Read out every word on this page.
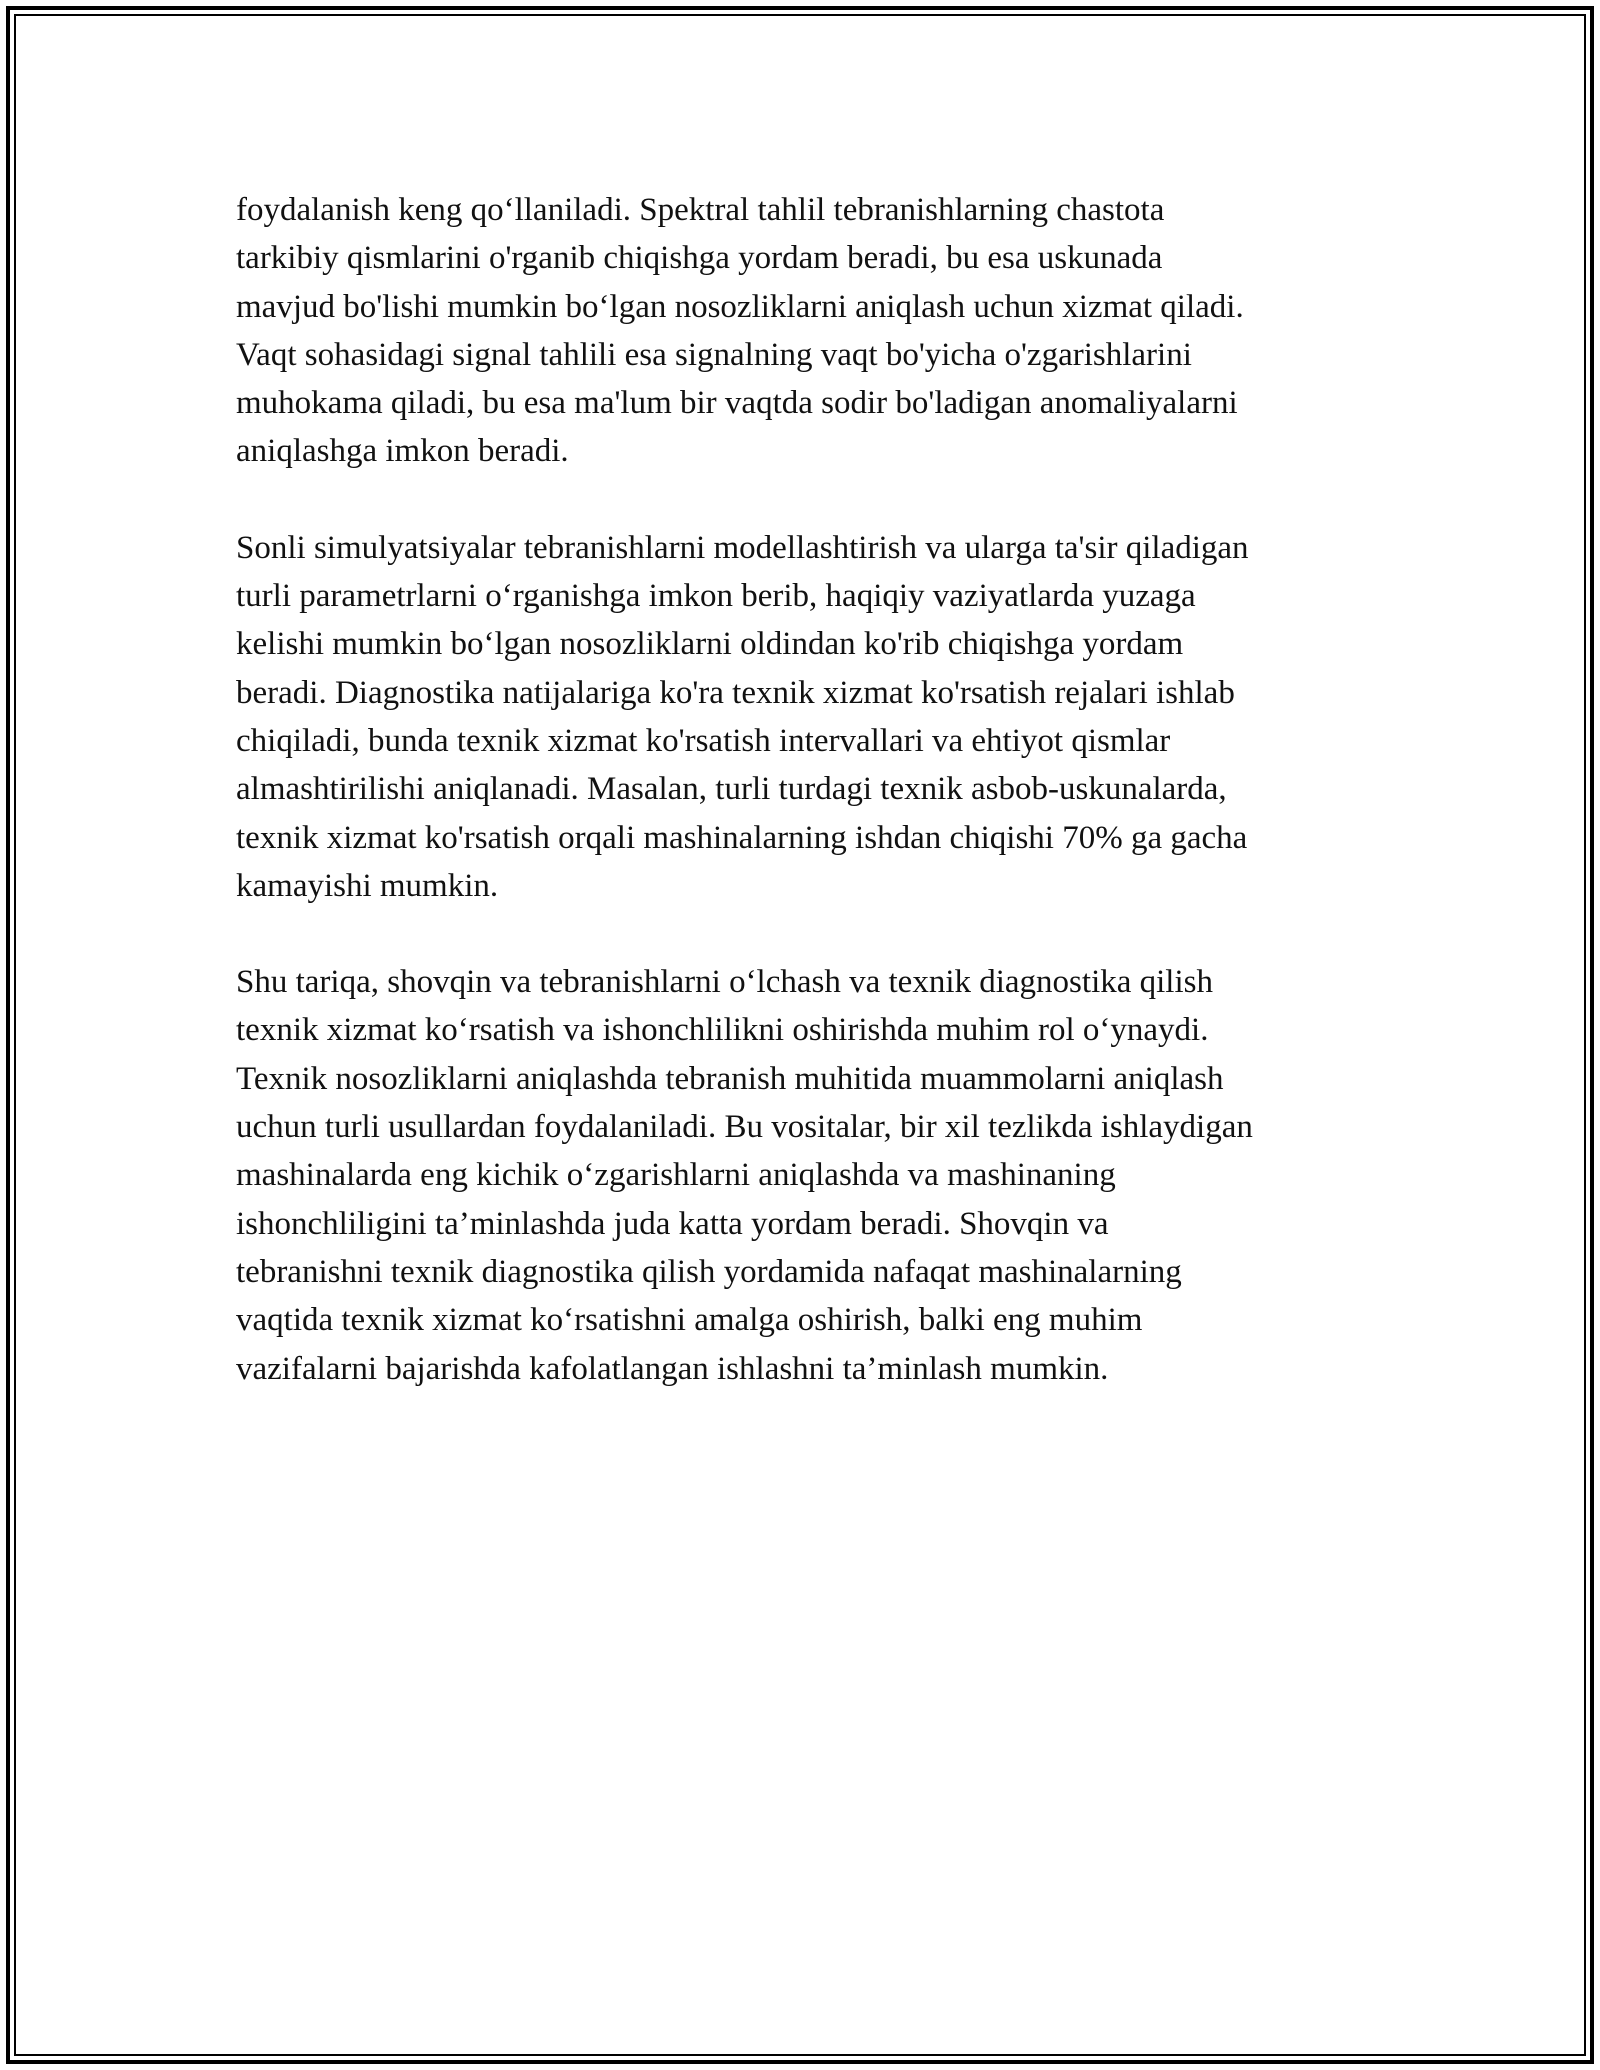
foydalanish keng qo‘llaniladi. Spektral tahlil tebranishlarning chastota
tarkibiy qismlarini o'rganib chiqishga yordam beradi, bu esa uskunada
mavjud bo'lishi mumkin bo‘lgan nosozliklarni aniqlash uchun xizmat qiladi.
Vaqt sohasidagi signal tahlili esa signalning vaqt bo'yicha o'zgarishlarini
muhokama qiladi, bu esa ma'lum bir vaqtda sodir bo'ladigan anomaliyalarni
aniqlashga imkon beradi.
Sonli simulyatsiyalar tebranishlarni modellashtirish va ularga ta'sir qiladigan
turli parametrlarni o‘rganishga imkon berib, haqiqiy vaziyatlarda yuzaga
kelishi mumkin bo‘lgan nosozliklarni oldindan ko'rib chiqishga yordam
beradi. Diagnostika natijalariga ko'ra texnik xizmat ko'rsatish rejalari ishlab
chiqiladi, bunda texnik xizmat ko'rsatish intervallari va ehtiyot qismlar
almashtirilishi aniqlanadi. Masalan, turli turdagi texnik asbob-uskunalarda,
texnik xizmat ko'rsatish orqali mashinalarning ishdan chiqishi 70% ga gacha
kamayishi mumkin.
Shu tariqa, shovqin va tebranishlarni o‘lchash va texnik diagnostika qilish
texnik xizmat ko‘rsatish va ishonchlilikni oshirishda muhim rol o‘ynaydi.
Texnik nosozliklarni aniqlashda tebranish muhitida muammolarni aniqlash
uchun turli usullardan foydalaniladi. Bu vositalar, bir xil tezlikda ishlaydigan
mashinalarda eng kichik o‘zgarishlarni aniqlashda va mashinaning
ishonchliligini ta’minlashda juda katta yordam beradi. Shovqin va
tebranishni texnik diagnostika qilish yordamida nafaqat mashinalarning
vaqtida texnik xizmat ko‘rsatishni amalga oshirish, balki eng muhim
vazifalarni bajarishda kafolatlangan ishlashni ta’minlash mumkin.
